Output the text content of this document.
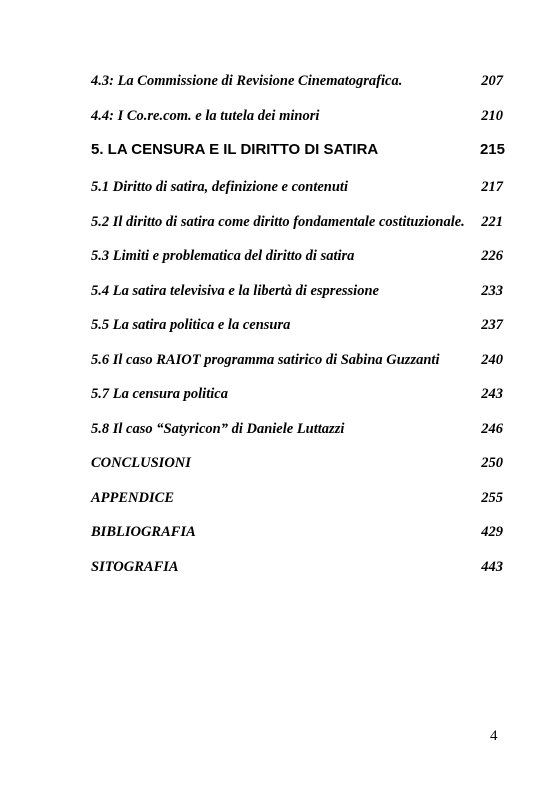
4.3: La Commissione di Revisione Cinematografica.	207
4.4: I Co.re.com. e la tutela dei minori	210
5. LA CENSURA E IL DIRITTO DI SATIRA	215
5.1 Diritto di satira, definizione e contenuti	217
5.2 Il diritto di satira come diritto fondamentale costituzionale.	221
5.3 Limiti e problematica del diritto di satira	226
5.4 La satira televisiva e la libertà di espressione	233
5.5 La satira politica e la censura	237
5.6 Il caso RAIOT programma satirico di Sabina Guzzanti	240
5.7 La censura politica	243
5.8 Il caso “Satyricon” di Daniele Luttazzi	246
CONCLUSIONI	250
APPENDICE	255
BIBLIOGRAFIA	429
SITOGRAFIA	443
4
